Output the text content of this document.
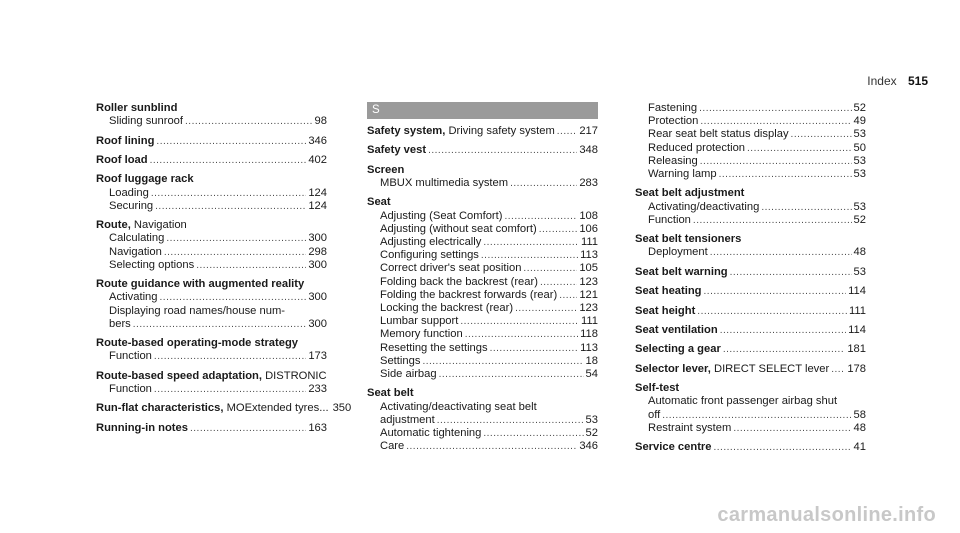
Index 515
Roller sunblind
Sliding sunroof .....	98
Roof lining .....	346
Roof load .....	402
Roof luggage rack
Loading .....	124
Securing .....	124
Route, Navigation
Calculating .....	300
Navigation .....	298
Selecting options .....	300
Route guidance with augmented reality
Activating .....	300
Displaying road names/house num-
bers .....	300
Route-based operating-mode strategy
Function .....	173
Route-based speed adaptation, DISTRONIC
Function .....	233
Run-flat characteristics, MOExtended tyres... 350
Running-in notes .....	163
S
Safety system, Driving safety system ..... 217
Safety vest .....	348
Screen
MBUX multimedia system .....	283
Seat
Adjusting (Seat Comfort) .....	108
Adjusting (without seat comfort) .....	106
Adjusting electrically .....	111
Configuring settings .....	113
Correct driver's seat position .....	105
Folding back the backrest (rear) .....	123
Folding the backrest forwards (rear) ..... 121
Locking the backrest (rear) .....	123
Lumbar support .....	111
Memory function .....	118
Resetting the settings .....	113
Settings .....	18
Side airbag .....	54
Seat belt
Activating/deactivating seat belt
adjustment .....	53
Automatic tightening .....	52
Care .....	346
Fastening .....	52
Protection .....	49
Rear seat belt status display .....	53
Reduced protection .....	50
Releasing .....	53
Warning lamp .....	53
Seat belt adjustment
Activating/deactivating .....	53
Function .....	52
Seat belt tensioners
Deployment .....	48
Seat belt warning .....	53
Seat heating .....	114
Seat height .....	111
Seat ventilation .....	114
Selecting a gear .....	181
Selector lever, DIRECT SELECT lever ..... 178
Self-test
Automatic front passenger airbag shut
off .....	58
Restraint system .....	48
Service centre .....	41
carmanualsonline.info
